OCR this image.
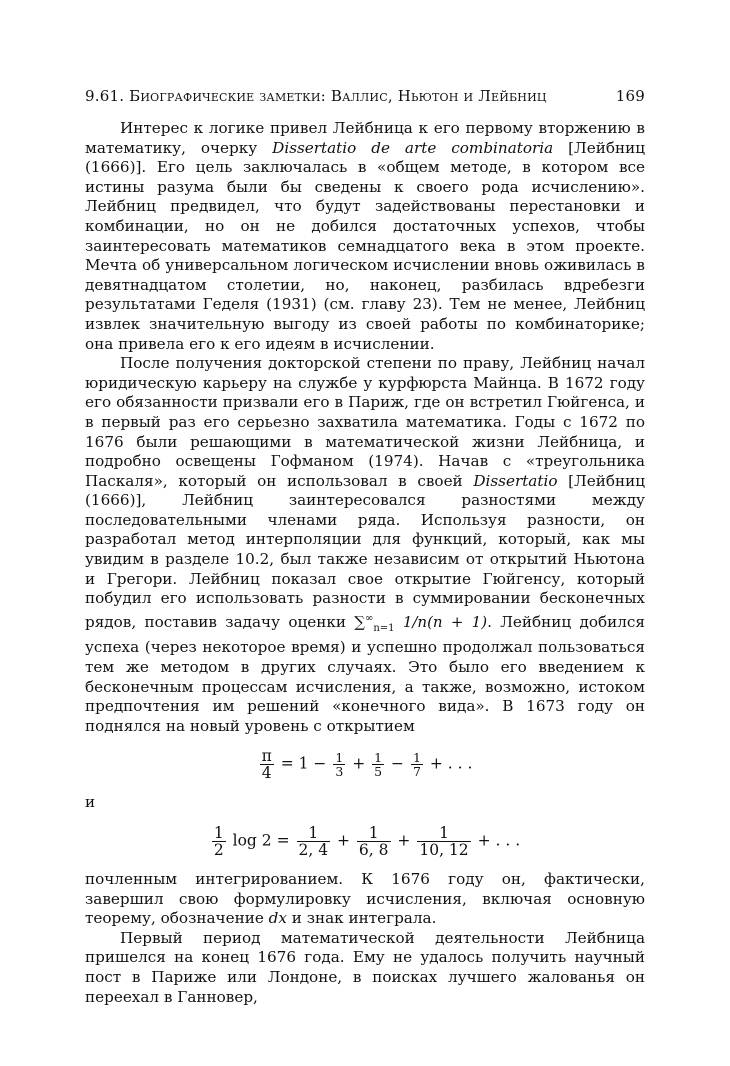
9.61. Биографические заметки: Валлис, Ньютон и Лейбниц	169

Интерес к логике привел Лейбница к его первому вторжению в математику, очерку Dissertatio de arte combinatoria [Лейбниц (1666)]. Его цель заключалась в «общем методе, в котором все истины разума были бы сведены к своего рода исчислению». Лейбниц предвидел, что будут задействованы перестановки и комбинации, но он не добился достаточных успехов, чтобы заинтересовать математиков семнадцатого века в этом проекте. Мечта об универсальном логическом исчислении вновь оживилась в девятнадцатом столетии, но, наконец, разбилась вдребезги результатами Геделя (1931) (см. главу 23). Тем не менее, Лейбниц извлек значительную выгоду из своей работы по комбинаторике; она привела его к его идеям в исчислении.

После получения докторской степени по праву, Лейбниц начал юридическую карьеру на службе у курфюрста Майнца. В 1672 году его обязанности призвали его в Париж, где он встретил Гюйгенса, и в первый раз его серьезно захватила математика. Годы с 1672 по 1676 были решающими в математической жизни Лейбница, и подробно освещены Гофманом (1974). Начав с «треугольника Паскаля», который он использовал в своей Dissertatio [Лейбниц (1666)], Лейбниц заинтересовался разностями между последовательными членами ряда. Используя разности, он разработал метод интерполяции для функций, который, как мы увидим в разделе 10.2, был также независим от открытий Ньютона и Грегори. Лейбниц показал свое открытие Гюйгенсу, который побудил его использовать разности в суммировании бесконечных рядов, поставив задачу оценки $\sum^\infty_{n=1}$ 1/n(n + 1). Лейбниц добился успеха (через некоторое время) и успешно продолжал пользоваться тем же методом в других случаях. Это было его введением к бесконечным процессам исчисления, а также, возможно, истоком предпочтения им решений «конечного вида». В 1673 году он поднялся на новый уровень с открытием

$\frac{\pi}{4} = 1 - \frac{1}{3} + \frac{1}{5} - \frac{1}{7}$ + . . .

и

$\frac{1}{2}$ $\log 2 = \frac{1}{2, 4} + \frac{1}{6, 8} + \frac{1}{10, 12}$ + . . .

почленным интегрированием. К 1676 году он, фактически, завершил свою формулировку исчисления, включая основную теорему, обозначение dx и знак интеграла.

Первый период математической деятельности Лейбница пришелся на конец 1676 года. Ему не удалось получить научный пост в Париже или Лондоне, в поисках лучшего жалованья он переехал в Ганновер,
